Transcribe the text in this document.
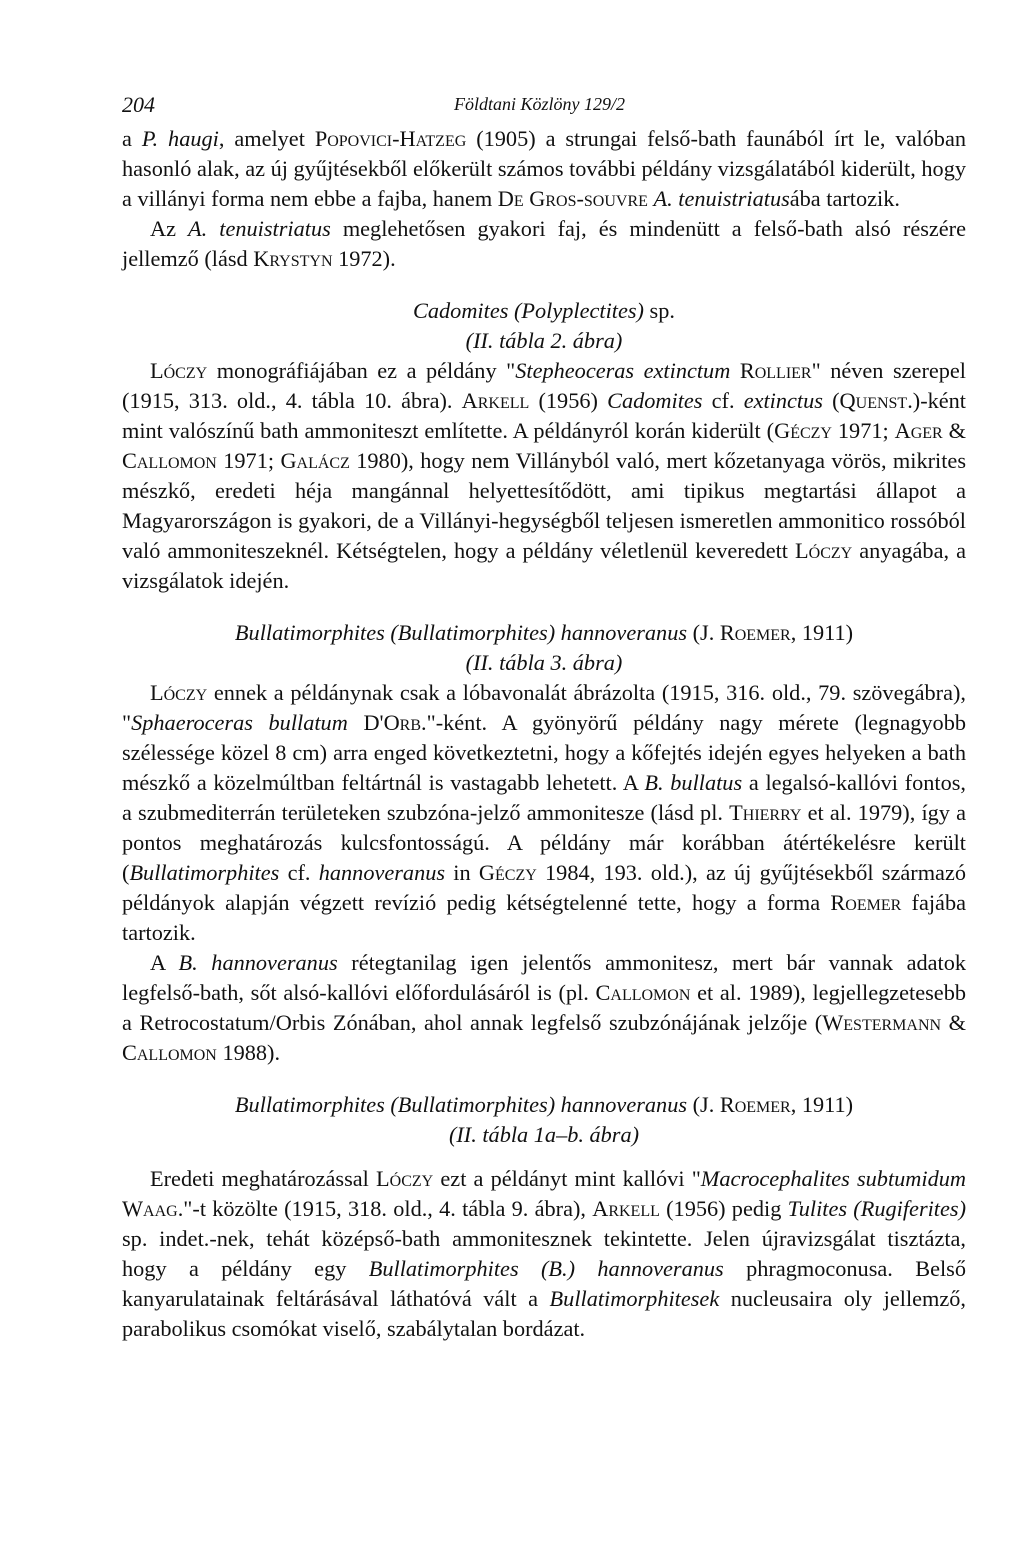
204	Földtani Közlöny 129/2

a P. haugi, amelyet Popovici-Hatzeg (1905) a strungai felső-bath faunából írt le, valóban hasonló alak, az új gyűjtésekből előkerült számos további példány vizsgálatából kiderült, hogy a villányi forma nem ebbe a fajba, hanem De Gros-souvre A. tenuistriatusába tartozik.

Az A. tenuistriatus meglehetősen gyakori faj, és mindenütt a felső-bath alsó részére jellemző (lásd Krystyn 1972).

Cadomites (Polyplectites) sp.
(II. tábla 2. ábra)

Lóczy monográfiájában ez a példány "Stepheoceras extinctum Rollier" néven szerepel (1915, 313. old., 4. tábla 10. ábra). Arkell (1956) Cadomites cf. extinctus (Quenst.)-ként mint valószínű bath ammoniteszt említette. A példányról korán kiderült (Géczy 1971; Ager & Callomon 1971; Galácz 1980), hogy nem Villányból való, mert kőzetanyaga vörös, mikrites mészkő, eredeti héja mangánnal helyettesítődött, ami tipikus megtartási állapot a Magyarországon is gyakori, de a Villányi-hegységből teljesen ismeretlen ammonitico rossóból való ammoniteszeknél. Kétségtelen, hogy a példány véletlenül keveredett Lóczy anyagába, a vizsgálatok idején.

Bullatimorphites (Bullatimorphites) hannoveranus (J. Roemer, 1911)
(II. tábla 3. ábra)

Lóczy ennek a példánynak csak a lóbavonalát ábrázolta (1915, 316. old., 79. szövegábra), "Sphaeroceras bullatum D'Orb."-ként. A gyönyörű példány nagy mérete (legnagyobb szélessége közel 8 cm) arra enged következtetni, hogy a kőfejtés idején egyes helyeken a bath mészkő a közelmúltban feltártnál is vastagabb lehetett. A B. bullatus a legalsó-kallóvi fontos, a szubmediterrán területeken szubzóna-jelző ammonitesze (lásd pl. Thierry et al. 1979), így a pontos meghatározás kulcsfontosságú. A példány már korábban átértékelésre került (Bullatimorphites cf. hannoveranus in Géczy 1984, 193. old.), az új gyűjtésekből származó példányok alapján végzett revízió pedig kétségtelenné tette, hogy a forma Roemer fajába tartozik.

A B. hannoveranus rétegtanilag igen jelentős ammonitesz, mert bár vannak adatok legfelső-bath, sőt alsó-kallóvi előfordulásáról is (pl. Callomon et al. 1989), legjellegzetesebb a Retrocostatum/Orbis Zónában, ahol annak legfelső szubzónájának jelzője (Westermann & Callomon 1988).

Bullatimorphites (Bullatimorphites) hannoveranus (J. Roemer, 1911)
(II. tábla 1a–b. ábra)

Eredeti meghatározással Lóczy ezt a példányt mint kallóvi "Macrocephalites subtumidum Waag."-t közölte (1915, 318. old., 4. tábla 9. ábra), Arkell (1956) pedig Tulites (Rugiferites) sp. indet.-nek, tehát középső-bath ammonitesznek tekintette. Jelen újravizsgálat tisztázta, hogy a példány egy Bullatimorphites (B.) hannoveranus phragmoconusa. Belső kanyarulatainak feltárásával láthatóvá vált a Bullatimorphitesek nucleusaira oly jellemző, parabolikus csomókat viselő, szabálytalan bordázat.
